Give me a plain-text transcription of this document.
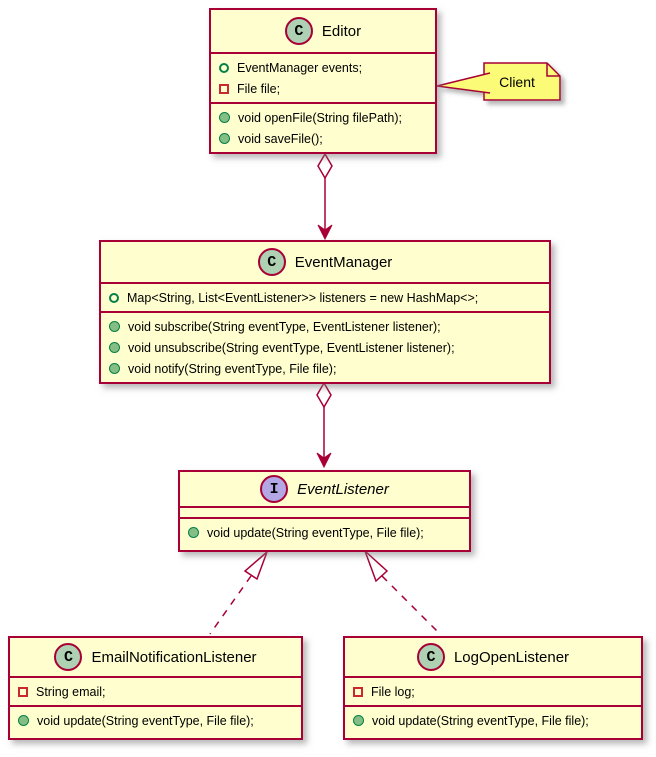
Client
C	Editor
EventManager events;
File file;
void openFile(String filePath);
void saveFile();
C	EventManager
Map<String, List<EventListener>> listeners = new HashMap<>;
void subscribe(String eventType, EventListener listener);
void unsubscribe(String eventType, EventListener listener);
void notify(String eventType, File file);
I	EventListener
void update(String eventType, File file);
C	EmailNotificationListener
String email;
void update(String eventType, File file);
C	LogOpenListener
File log;
void update(String eventType, File file);
